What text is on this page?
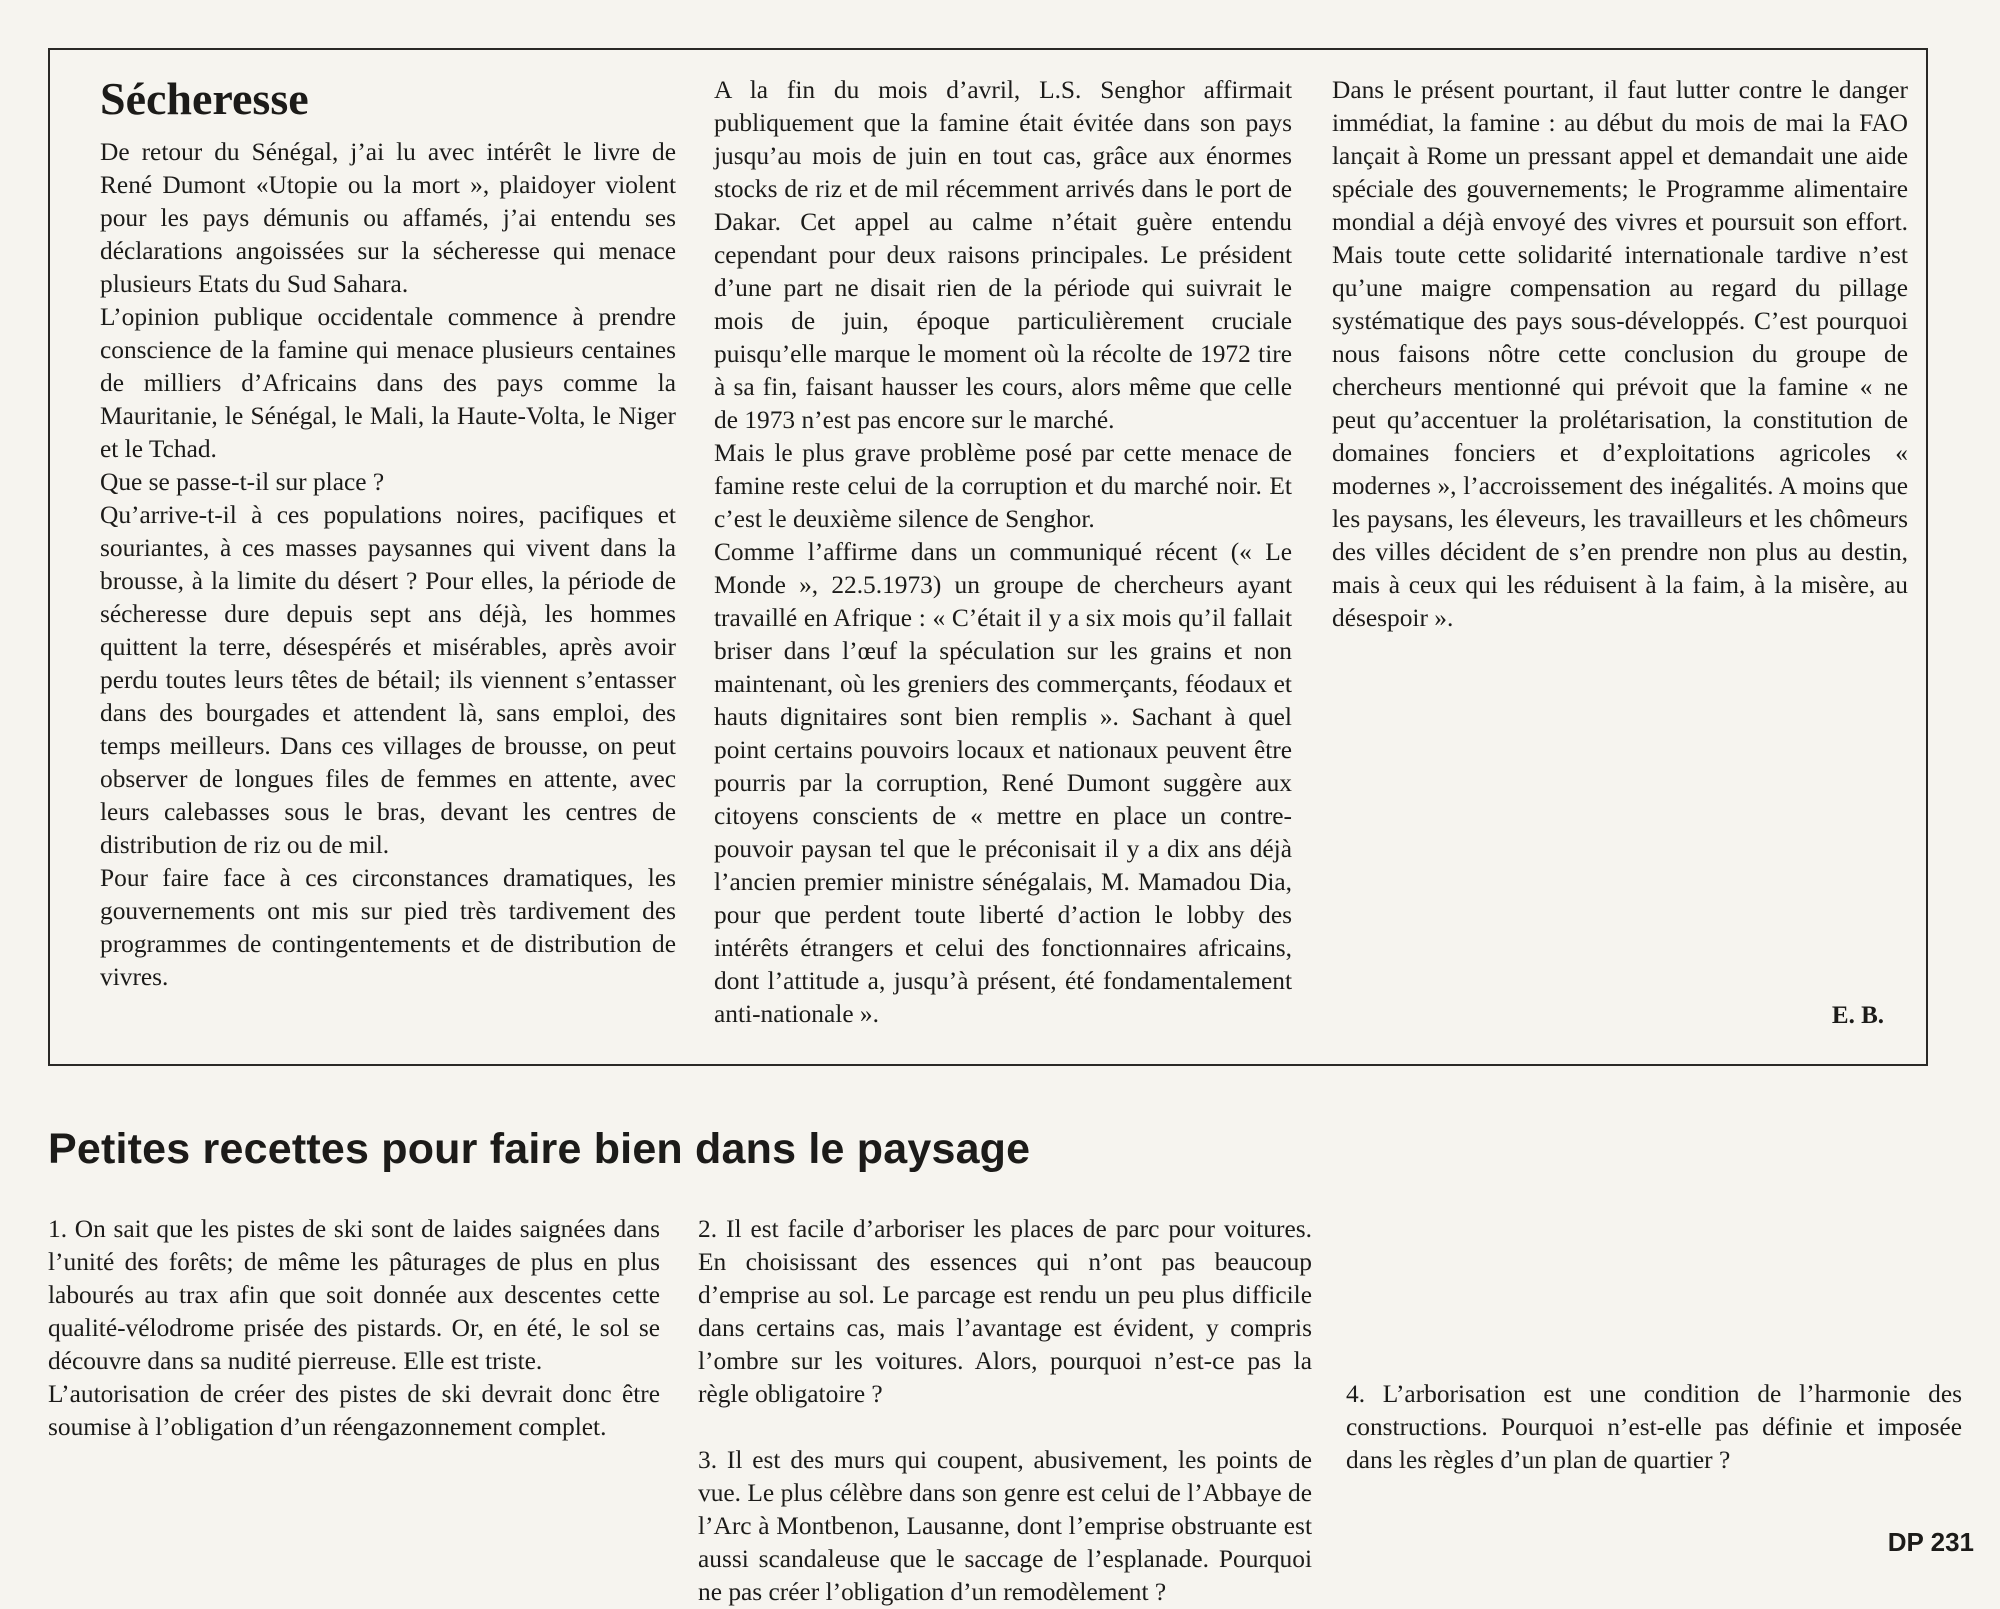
Sécheresse

De retour du Sénégal, j’ai lu avec intérêt le livre de René Dumont «Utopie ou la mort », plaidoyer violent pour les pays démunis ou affamés, j’ai entendu ses déclarations angoissées sur la sécheresse qui menace plusieurs Etats du Sud Sahara.

L’opinion publique occidentale commence à prendre conscience de la famine qui menace plusieurs centaines de milliers d’Africains dans des pays comme la Mauritanie, le Sénégal, le Mali, la Haute-Volta, le Niger et le Tchad.

Que se passe-t-il sur place ?

Qu’arrive-t-il à ces populations noires, pacifiques et souriantes, à ces masses paysannes qui vivent dans la brousse, à la limite du désert ? Pour elles, la période de sécheresse dure depuis sept ans déjà, les hommes quittent la terre, désespérés et misérables, après avoir perdu toutes leurs têtes de bétail; ils viennent s’entasser dans des bourgades et attendent là, sans emploi, des temps meilleurs. Dans ces villages de brousse, on peut observer de longues files de femmes en attente, avec leurs calebasses sous le bras, devant les centres de distribution de riz ou de mil.

Pour faire face à ces circonstances dramatiques, les gouvernements ont mis sur pied très tardivement des programmes de contingentements et de distribution de vivres.

A la fin du mois d’avril, L.S. Senghor affirmait publiquement que la famine était évitée dans son pays jusqu’au mois de juin en tout cas, grâce aux énormes stocks de riz et de mil récemment arrivés dans le port de Dakar. Cet appel au calme n’était guère entendu cependant pour deux raisons principales. Le président d’une part ne disait rien de la période qui suivrait le mois de juin, époque particulièrement cruciale puisqu’elle marque le moment où la récolte de 1972 tire à sa fin, faisant hausser les cours, alors même que celle de 1973 n’est pas encore sur le marché.

Mais le plus grave problème posé par cette menace de famine reste celui de la corruption et du marché noir. Et c’est le deuxième silence de Senghor.

Comme l’affirme dans un communiqué récent (« Le Monde », 22.5.1973) un groupe de chercheurs ayant travaillé en Afrique : « C’était il y a six mois qu’il fallait briser dans l’œuf la spéculation sur les grains et non maintenant, où les greniers des commerçants, féodaux et hauts dignitaires sont bien remplis ». Sachant à quel point certains pouvoirs locaux et nationaux peuvent être pourris par la corruption, René Dumont suggère aux citoyens conscients de « mettre en place un contre-pouvoir paysan tel que le préconisait il y a dix ans déjà l’ancien premier ministre sénégalais, M. Mamadou Dia, pour que perdent toute liberté d’action le lobby des intérêts étrangers et celui des fonctionnaires africains, dont l’attitude a, jusqu’à présent, été fondamentalement anti-nationale ».

Dans le présent pourtant, il faut lutter contre le danger immédiat, la famine : au début du mois de mai la FAO lançait à Rome un pressant appel et demandait une aide spéciale des gouvernements; le Programme alimentaire mondial a déjà envoyé des vivres et poursuit son effort. Mais toute cette solidarité internationale tardive n’est qu’une maigre compensation au regard du pillage systématique des pays sous-développés. C’est pourquoi nous faisons nôtre cette conclusion du groupe de chercheurs mentionné qui prévoit que la famine « ne peut qu’accentuer la prolétarisation, la constitution de domaines fonciers et d’exploitations agricoles « modernes », l’accroissement des inégalités. A moins que les paysans, les éleveurs, les travailleurs et les chômeurs des villes décident de s’en prendre non plus au destin, mais à ceux qui les réduisent à la faim, à la misère, au désespoir ».

E. B.
Petites recettes pour faire bien dans le paysage

1. On sait que les pistes de ski sont de laides saignées dans l’unité des forêts; de même les pâturages de plus en plus labourés au trax afin que soit donnée aux descentes cette qualité-vélodrome prisée des pistards. Or, en été, le sol se découvre dans sa nudité pierreuse. Elle est triste.

L’autorisation de créer des pistes de ski devrait donc être soumise à l’obligation d’un réengazonnement complet.

2. Il est facile d’arboriser les places de parc pour voitures. En choisissant des essences qui n’ont pas beaucoup d’emprise au sol. Le parcage est rendu un peu plus difficile dans certains cas, mais l’avantage est évident, y compris l’ombre sur les voitures. Alors, pourquoi n’est-ce pas la règle obligatoire ?

3. Il est des murs qui coupent, abusivement, les points de vue. Le plus célèbre dans son genre est celui de l’Abbaye de l’Arc à Montbenon, Lausanne, dont l’emprise obstruante est aussi scandaleuse que le saccage de l’esplanade. Pourquoi ne pas créer l’obligation d’un remodèlement ?

4. L’arborisation est une condition de l’harmonie des constructions. Pourquoi n’est-elle pas définie et imposée dans les règles d’un plan de quartier ?

DP 231
